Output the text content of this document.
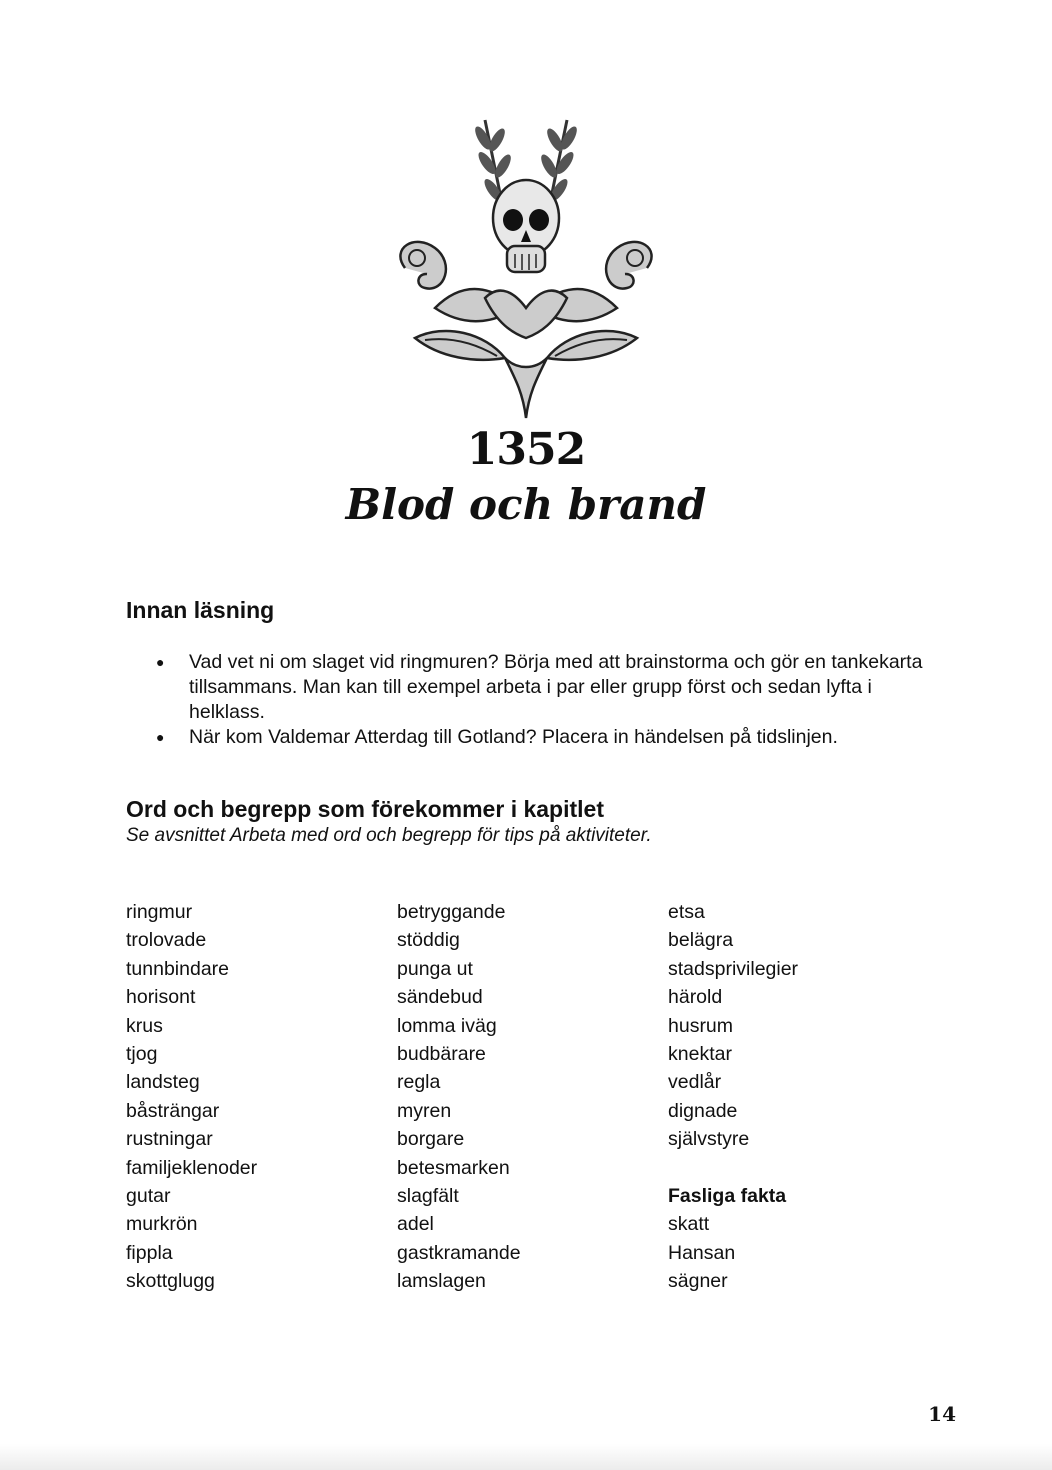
1352
Blod och brand
Innan läsning
● Vad vet ni om slaget vid ringmuren? Börja med att brainstorma och gör en tankekarta tillsammans. Man kan till exempel arbeta i par eller grupp först och sedan lyfta i helklass.
● När kom Valdemar Atterdag till Gotland? Placera in händelsen på tidslinjen.
Ord och begrepp som förekommer i kapitlet
Se avsnittet Arbeta med ord och begrepp för tips på aktiviteter.
ringmur
trolovade
tunnbindare
horisont
krus
tjog
landsteg
båsträngar
rustningar
familjeklenoder
gutar
murkrön
fippla
skottglugg
betryggande
stöddig
punga ut
sändebud
lomma iväg
budbärare
regla
myren
borgare
betesmarken
slagfält
adel
gastkramande
lamslagen
etsa
belägra
stadsprivilegier
härold
husrum
knektar
vedlår
dignade
självstyre
Fasliga fakta
skatt
Hansan
sägner
14
